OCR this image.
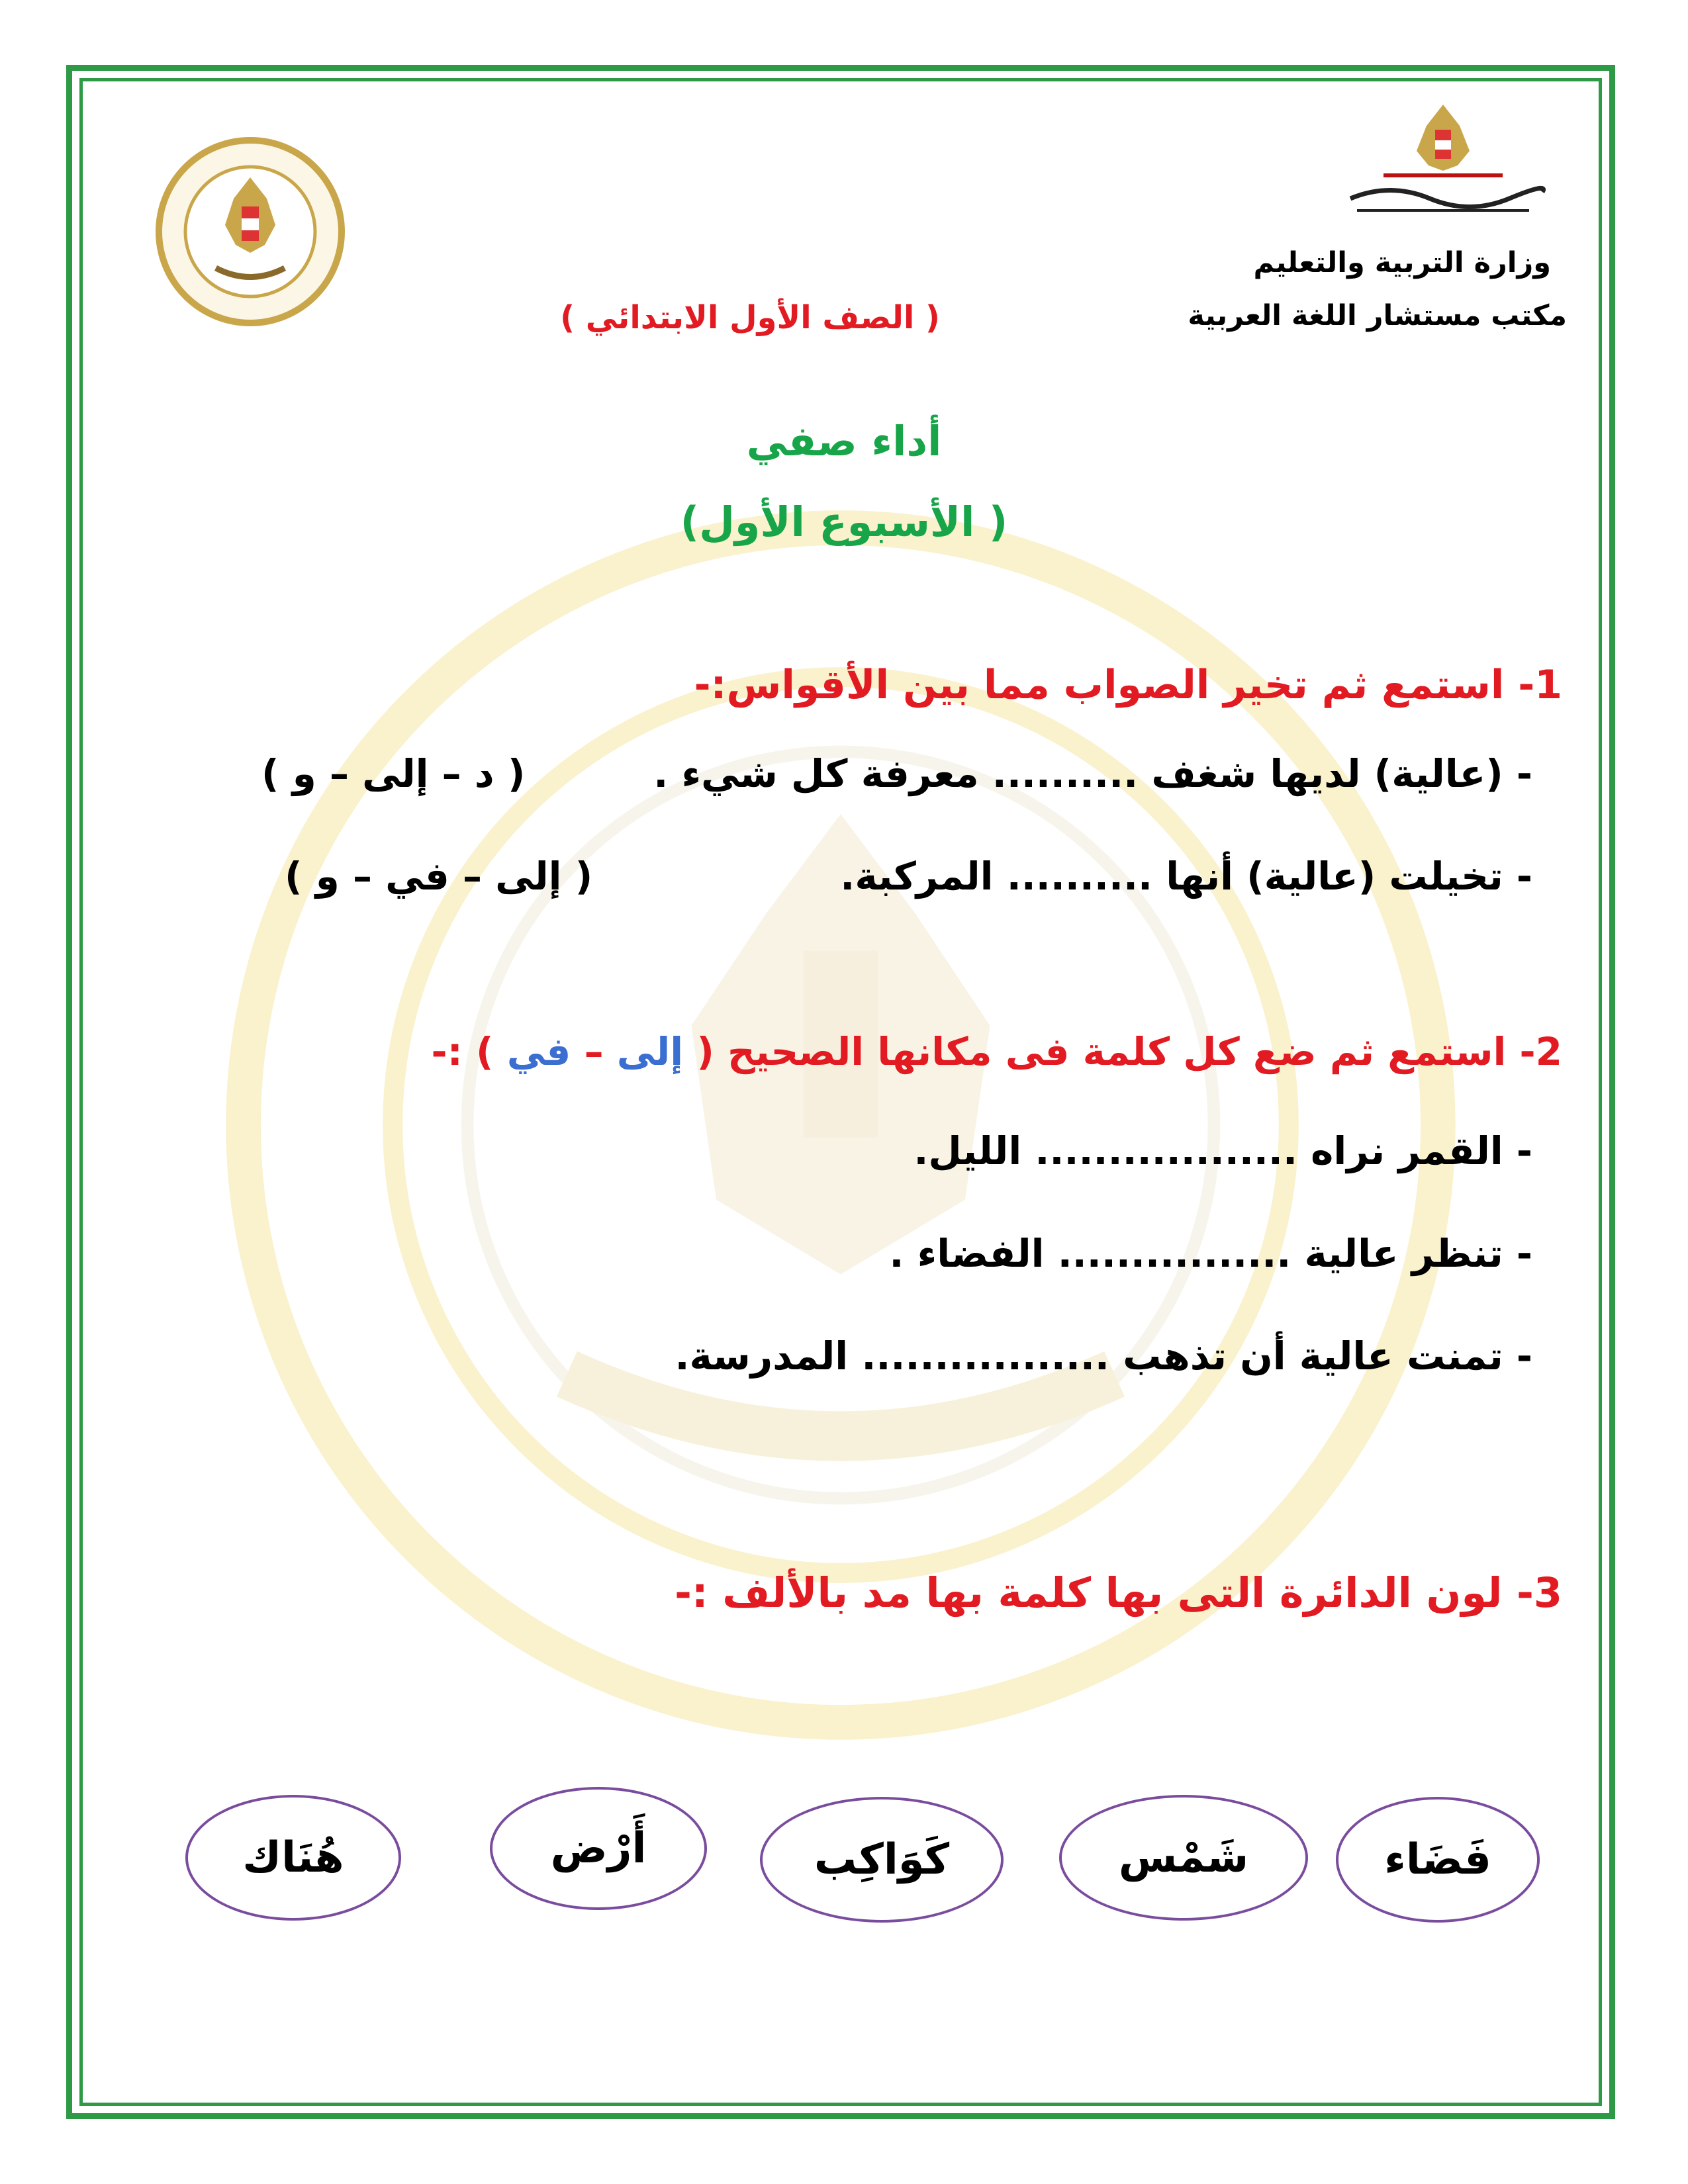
وزارة التربية والتعليم
مكتب مستشار اللغة العربية
( الصف الأول الابتدائي )
أداء صفي
( الأسبوع الأول)
1- استمع ثم تخير الصواب مما بين الأقواس:-
- (عالية) لديها شغف .......... معرفة كل شيء .
( د – إلى – و )
- تخيلت (عالية) أنها .......... المركبة.
( إلى – في – و )
2- استمع ثم ضع كل كلمة فى مكانها الصحيح ( إلى – في ) :-
- القمر نراه .................. الليل.
- تنظر عالية ................ الفضاء .
- تمنت عالية أن تذهب ................. المدرسة.
3- لون الدائرة التى بها كلمة بها مد بالألف :-
فَضَاء
شَمْس
كَوَاكِب
أَرْض
هُنَاك
